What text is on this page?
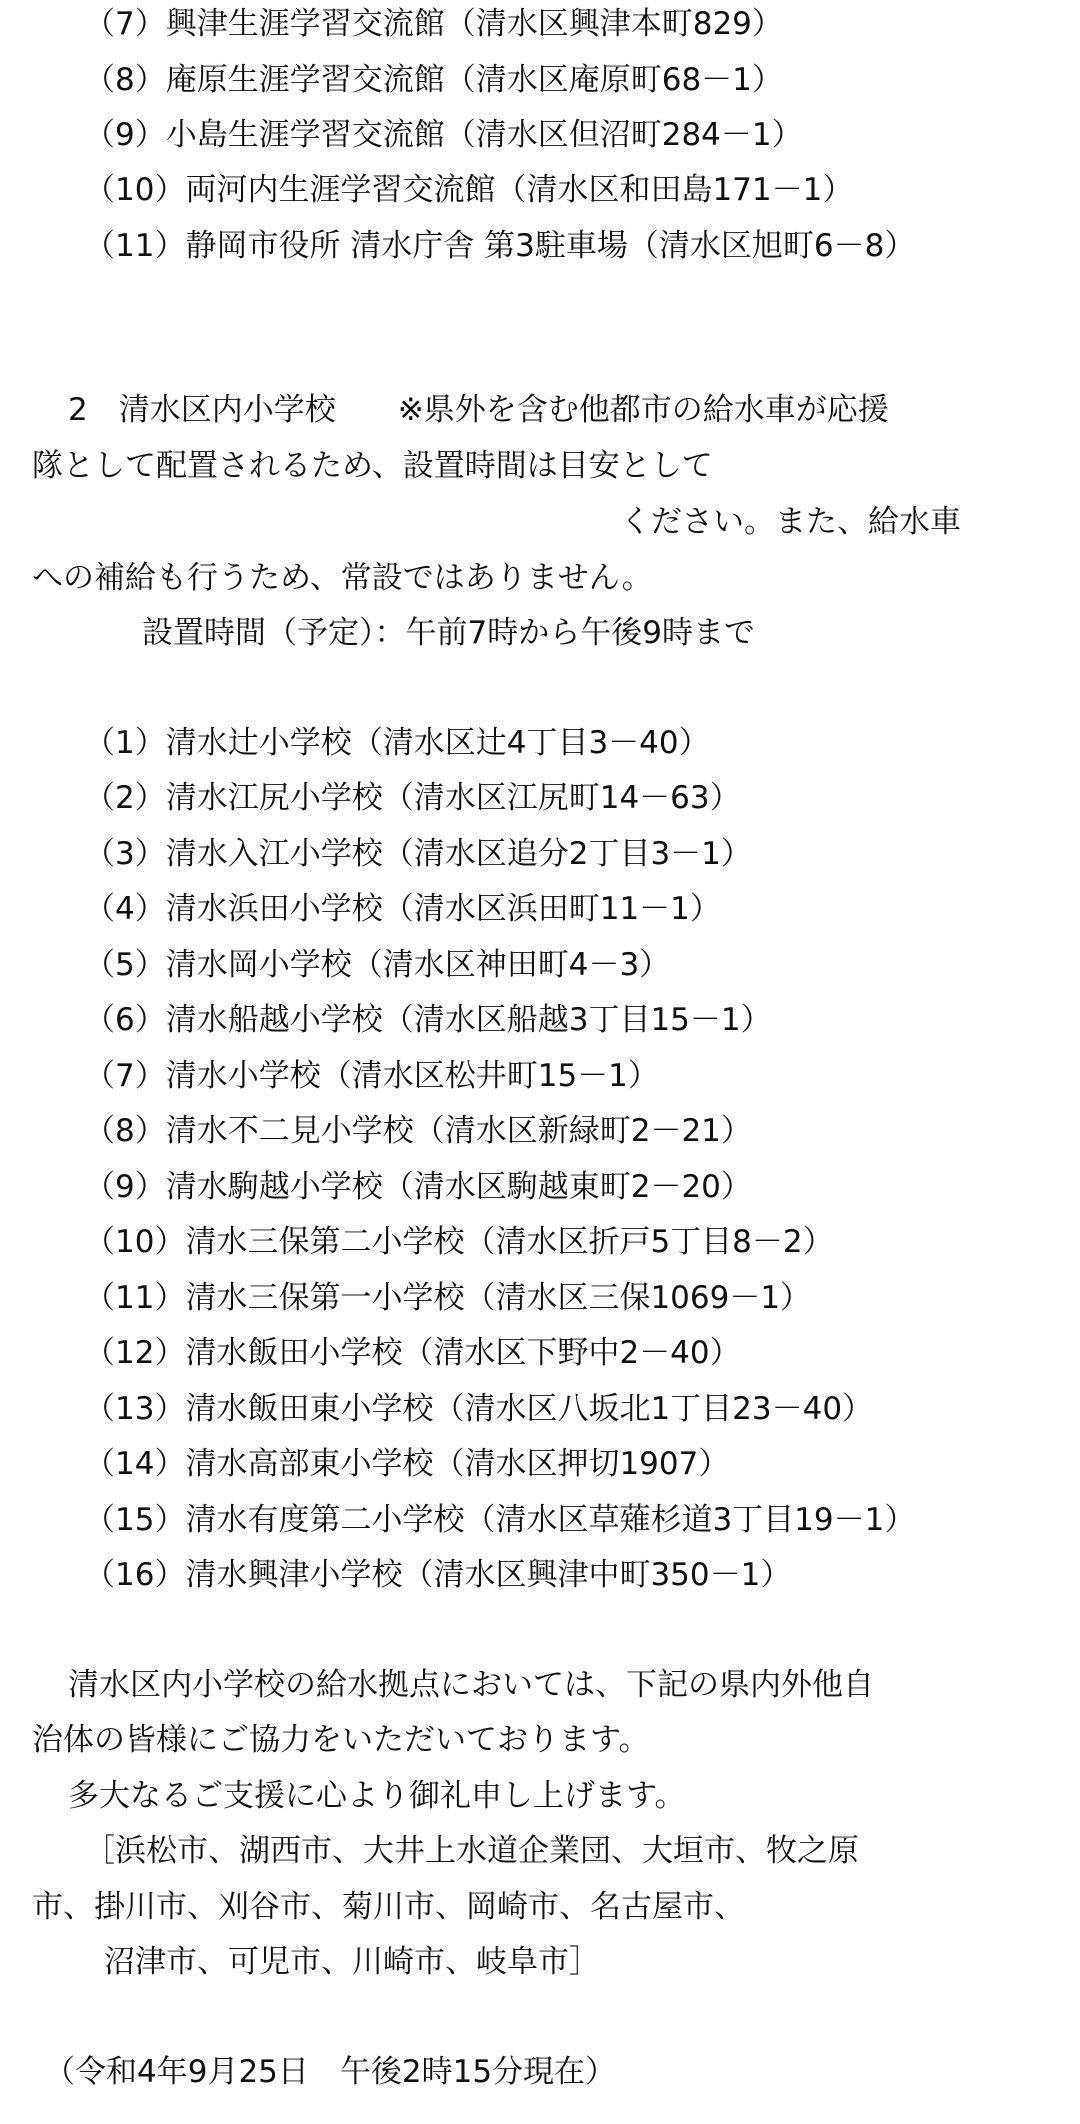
（7）興津生涯学習交流館（清水区興津本町829）
（8）庵原生涯学習交流館（清水区庵原町68－1）
（9）小島生涯学習交流館（清水区但沼町284－1）
（10）両河内生涯学習交流館（清水区和田島171－1）
（11）静岡市役所 清水庁舎 第3駐車場（清水区旭町6－8）
2　清水区内小学校　　※県外を含む他都市の給水車が応援
隊として配置されるため、設置時間は目安として
ください。また、給水車
への補給も行うため、常設ではありません。
設置時間（予定）：午前7時から午後9時まで
（1）清水辻小学校（清水区辻4丁目3－40）
（2）清水江尻小学校（清水区江尻町14－63）
（3）清水入江小学校（清水区追分2丁目3－1）
（4）清水浜田小学校（清水区浜田町11－1）
（5）清水岡小学校（清水区神田町4－3）
（6）清水船越小学校（清水区船越3丁目15－1）
（7）清水小学校（清水区松井町15－1）
（8）清水不二見小学校（清水区新緑町2－21）
（9）清水駒越小学校（清水区駒越東町2－20）
（10）清水三保第二小学校（清水区折戸5丁目8－2）
（11）清水三保第一小学校（清水区三保1069－1）
（12）清水飯田小学校（清水区下野中2－40）
（13）清水飯田東小学校（清水区八坂北1丁目23－40）
（14）清水高部東小学校（清水区押切1907）
（15）清水有度第二小学校（清水区草薙杉道3丁目19－1）
（16）清水興津小学校（清水区興津中町350－1）
清水区内小学校の給水拠点においては、下記の県内外他自
治体の皆様にご協力をいただいております。
多大なるご支援に心より御礼申し上げます。
［浜松市、湖西市、大井上水道企業団、大垣市、牧之原
市、掛川市、刈谷市、菊川市、岡崎市、名古屋市、
沼津市、可児市、川崎市、岐阜市］
（令和4年9月25日　午後2時15分現在）
